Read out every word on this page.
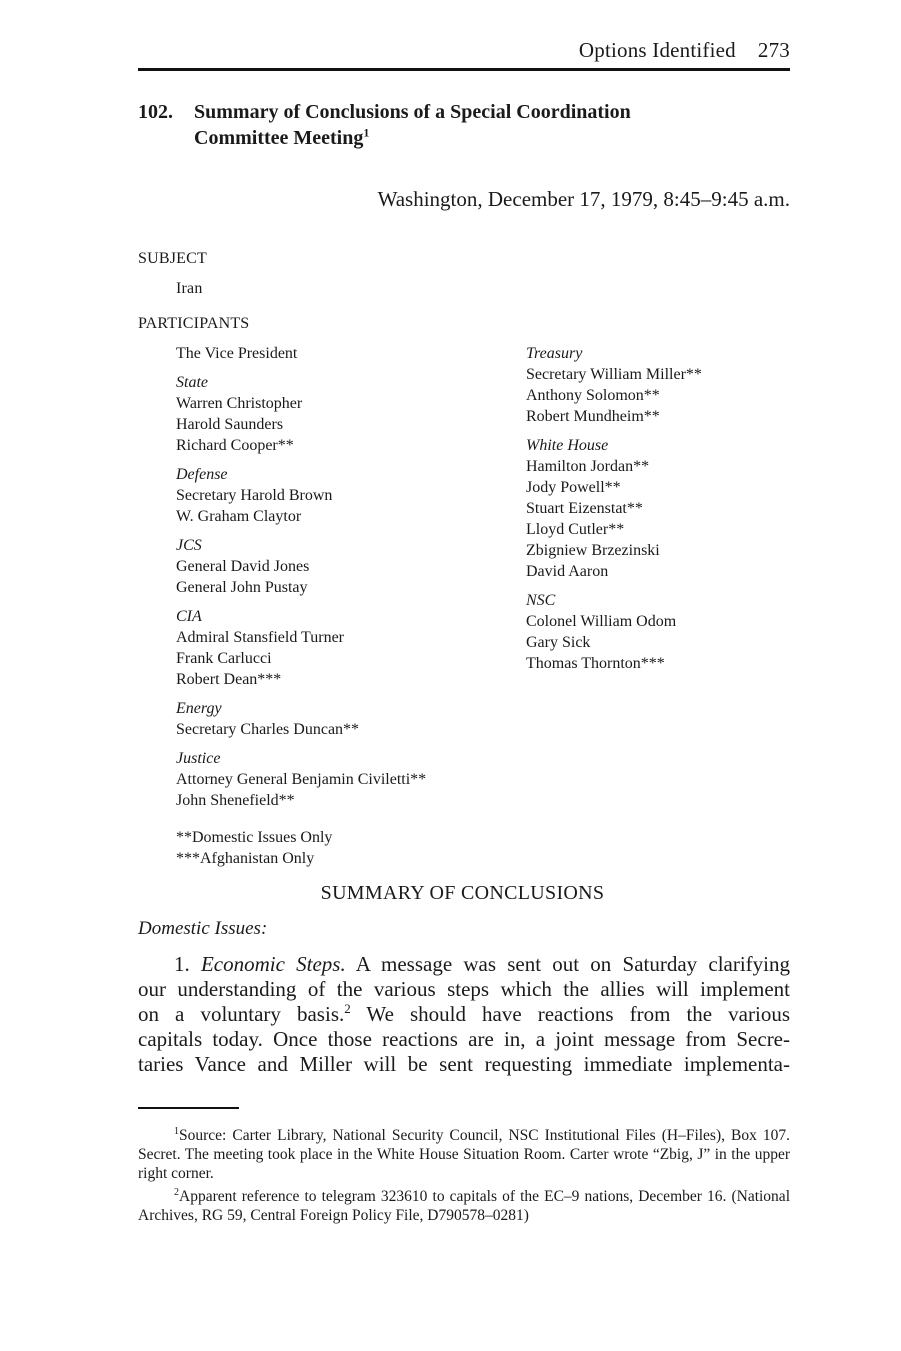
Options Identified 273
102. Summary of Conclusions of a Special Coordination
Committee Meeting$^1$
Washington, December 17, 1979, 8:45–9:45 a.m.
SUBJECT
Iran
PARTICIPANTS
The Vice President
State
Warren Christopher
Harold Saunders
Richard Cooper**
Defense
Secretary Harold Brown
W. Graham Claytor
JCS
General David Jones
General John Pustay
CIA
Admiral Stansfield Turner
Frank Carlucci
Robert Dean***
Energy
Secretary Charles Duncan**
Justice
Attorney General Benjamin Civiletti**
John Shenefield**
Treasury
Secretary William Miller**
Anthony Solomon**
Robert Mundheim**
White House
Hamilton Jordan**
Jody Powell**
Stuart Eizenstat**
Lloyd Cutler**
Zbigniew Brzezinski
David Aaron
NSC
Colonel William Odom
Gary Sick
Thomas Thornton***
**Domestic Issues Only
***Afghanistan Only
SUMMARY OF CONCLUSIONS
Domestic Issues:
1. Economic Steps. A message was sent out on Saturday clarifying
our understanding of the various steps which the allies will implement
on a voluntary basis.$^2$ We should have reactions from the various
capitals today. Once those reactions are in, a joint message from Secre-
taries Vance and Miller will be sent requesting immediate implementa-
$^1$Source: Carter Library, National Security Council, NSC Institutional Files (H–Files), Box 107. Secret. The meeting took place in the White House Situation Room. Carter wrote “Zbig, J” in the upper right corner.
$^2$Apparent reference to telegram 323610 to capitals of the EC–9 nations, December 16. (National Archives, RG 59, Central Foreign Policy File, D790578–0281)
